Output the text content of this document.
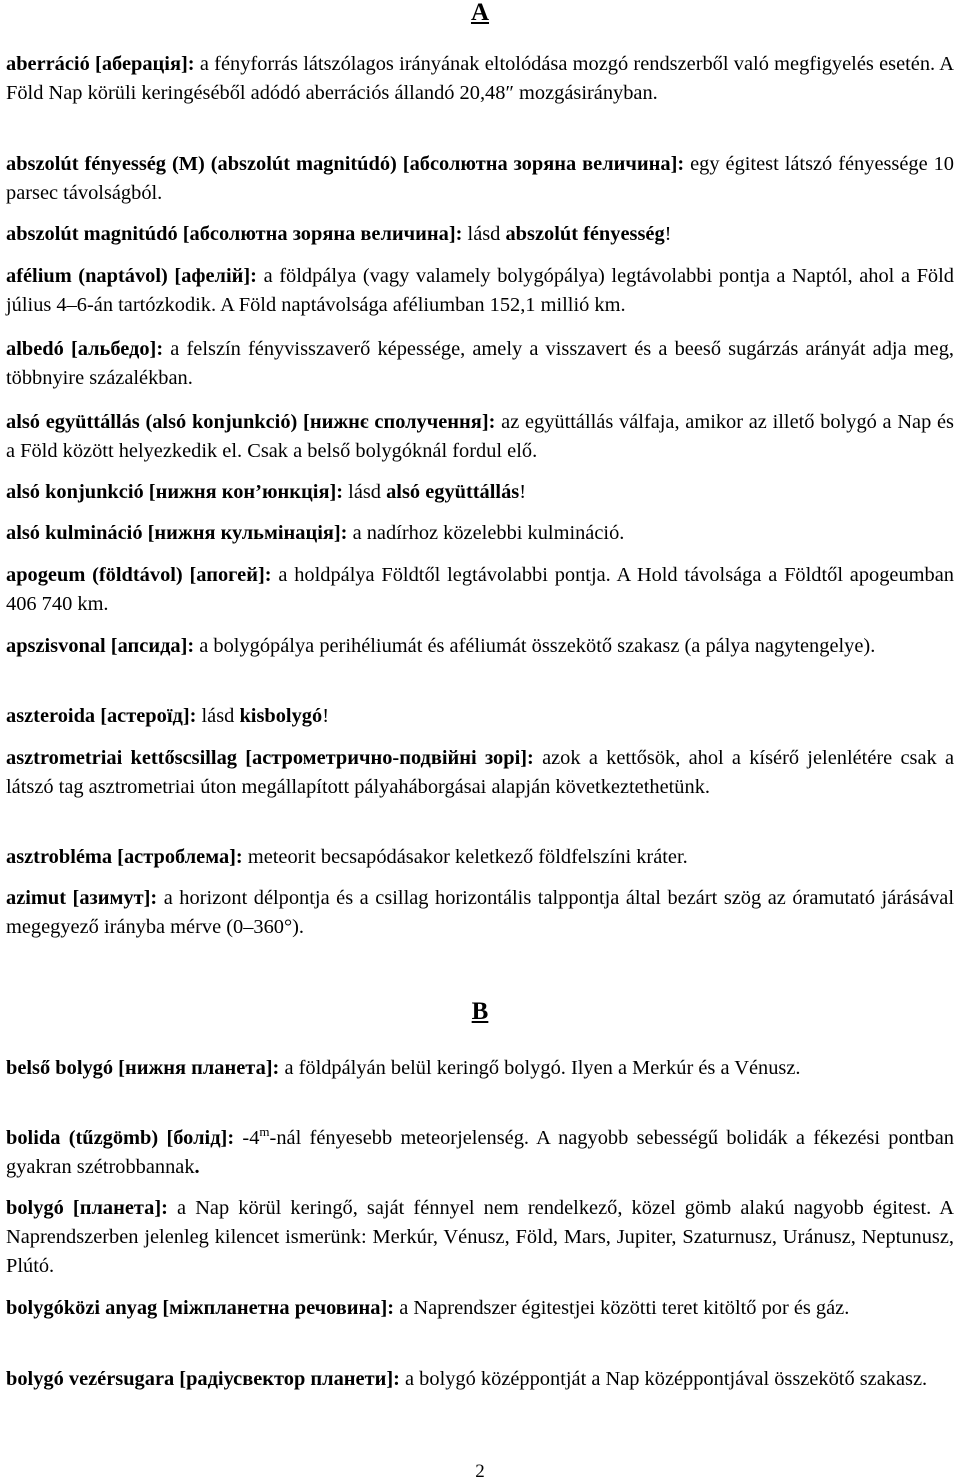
A

aberráció [аберація]: a fényforrás látszólagos irányának eltolódása mozgó rendszerből való megfigyelés esetén. A Föld Nap körüli keringéséből adódó aberrációs állandó 20,48″ mozgásirányban.

abszolút fényesség (M) (abszolút magnitúdó) [абсолютна зоряна величина]: egy égitest látszó fényessége 10 parsec távolságból.

abszolút magnitúdó [абсолютна зоряна величина]: lásd abszolút fényesség!

afélium (naptávol) [афелій]: a földpálya (vagy valamely bolygópálya) legtávolabbi pontja a Naptól, ahol a Föld július 4–6-án tartózkodik. A Föld naptávolsága aféliumban 152,1 millió km.

albedó [альбедо]: a felszín fényvisszaverő képessége, amely a visszavert és a beeső sugárzás arányát adja meg, többnyire százalékban.

alsó együttállás (alsó konjunkció) [нижнє сполучення]: az együttállás válfaja, amikor az illető bolygó a Nap és a Föld között helyezkedik el. Csak a belső bolygóknál fordul elő.

alsó konjunkció [нижня кон’юнкція]: lásd alsó együttállás!

alsó kulmináció [нижня кульмінація]: a nadírhoz közelebbi kulmináció.

apogeum (földtávol) [апогей]: a holdpálya Földtől legtávolabbi pontja. A Hold távolsága a Földtől apogeumban 406 740 km.

apszisvonal [апсида]: a bolygópálya perihéliumát és aféliumát összekötő szakasz (a pálya nagytengelye).

aszteroida [астероїд]: lásd kisbolygó!

asztrometriai kettőscsillag [астрометрично-подвійні зорі]: azok a kettősök, ahol a kísérő jelenlétére csak a látszó tag asztrometriai úton megállapított pályaháborgásai alapján következtethetünk.

asztrobléma [астроблема]: meteorit becsapódásakor keletkező földfelszíni kráter.

azimut [азимут]: a horizont délpontja és a csillag horizontális talppontja által bezárt szög az óramutató járásával megegyező irányba mérve (0–360°).

B

belső bolygó [нижня планета]: a földpályán belül keringő bolygó. Ilyen a Merkúr és a Vénusz.

bolida (tűzgömb) [болід]: -4$^m$-nál fényesebb meteorjelenség. A nagyobb sebességű bolidák a fékezési pontban gyakran szétrobbannak.

bolygó [планета]: a Nap körül keringő, saját fénnyel nem rendelkező, közel gömb alakú nagyobb égitest. A Naprendszerben jelenleg kilencet ismerünk: Merkúr, Vénusz, Föld, Mars, Jupiter, Szaturnusz, Uránusz, Neptunusz, Plútó.

bolygóközi anyag [міжпланетна речовина]: a Naprendszer égitestjei közötti teret kitöltő por és gáz.

bolygó vezérsugara [радіусвектор планети]: a bolygó középpontját a Nap középpontjával összekötő szakasz.

2
